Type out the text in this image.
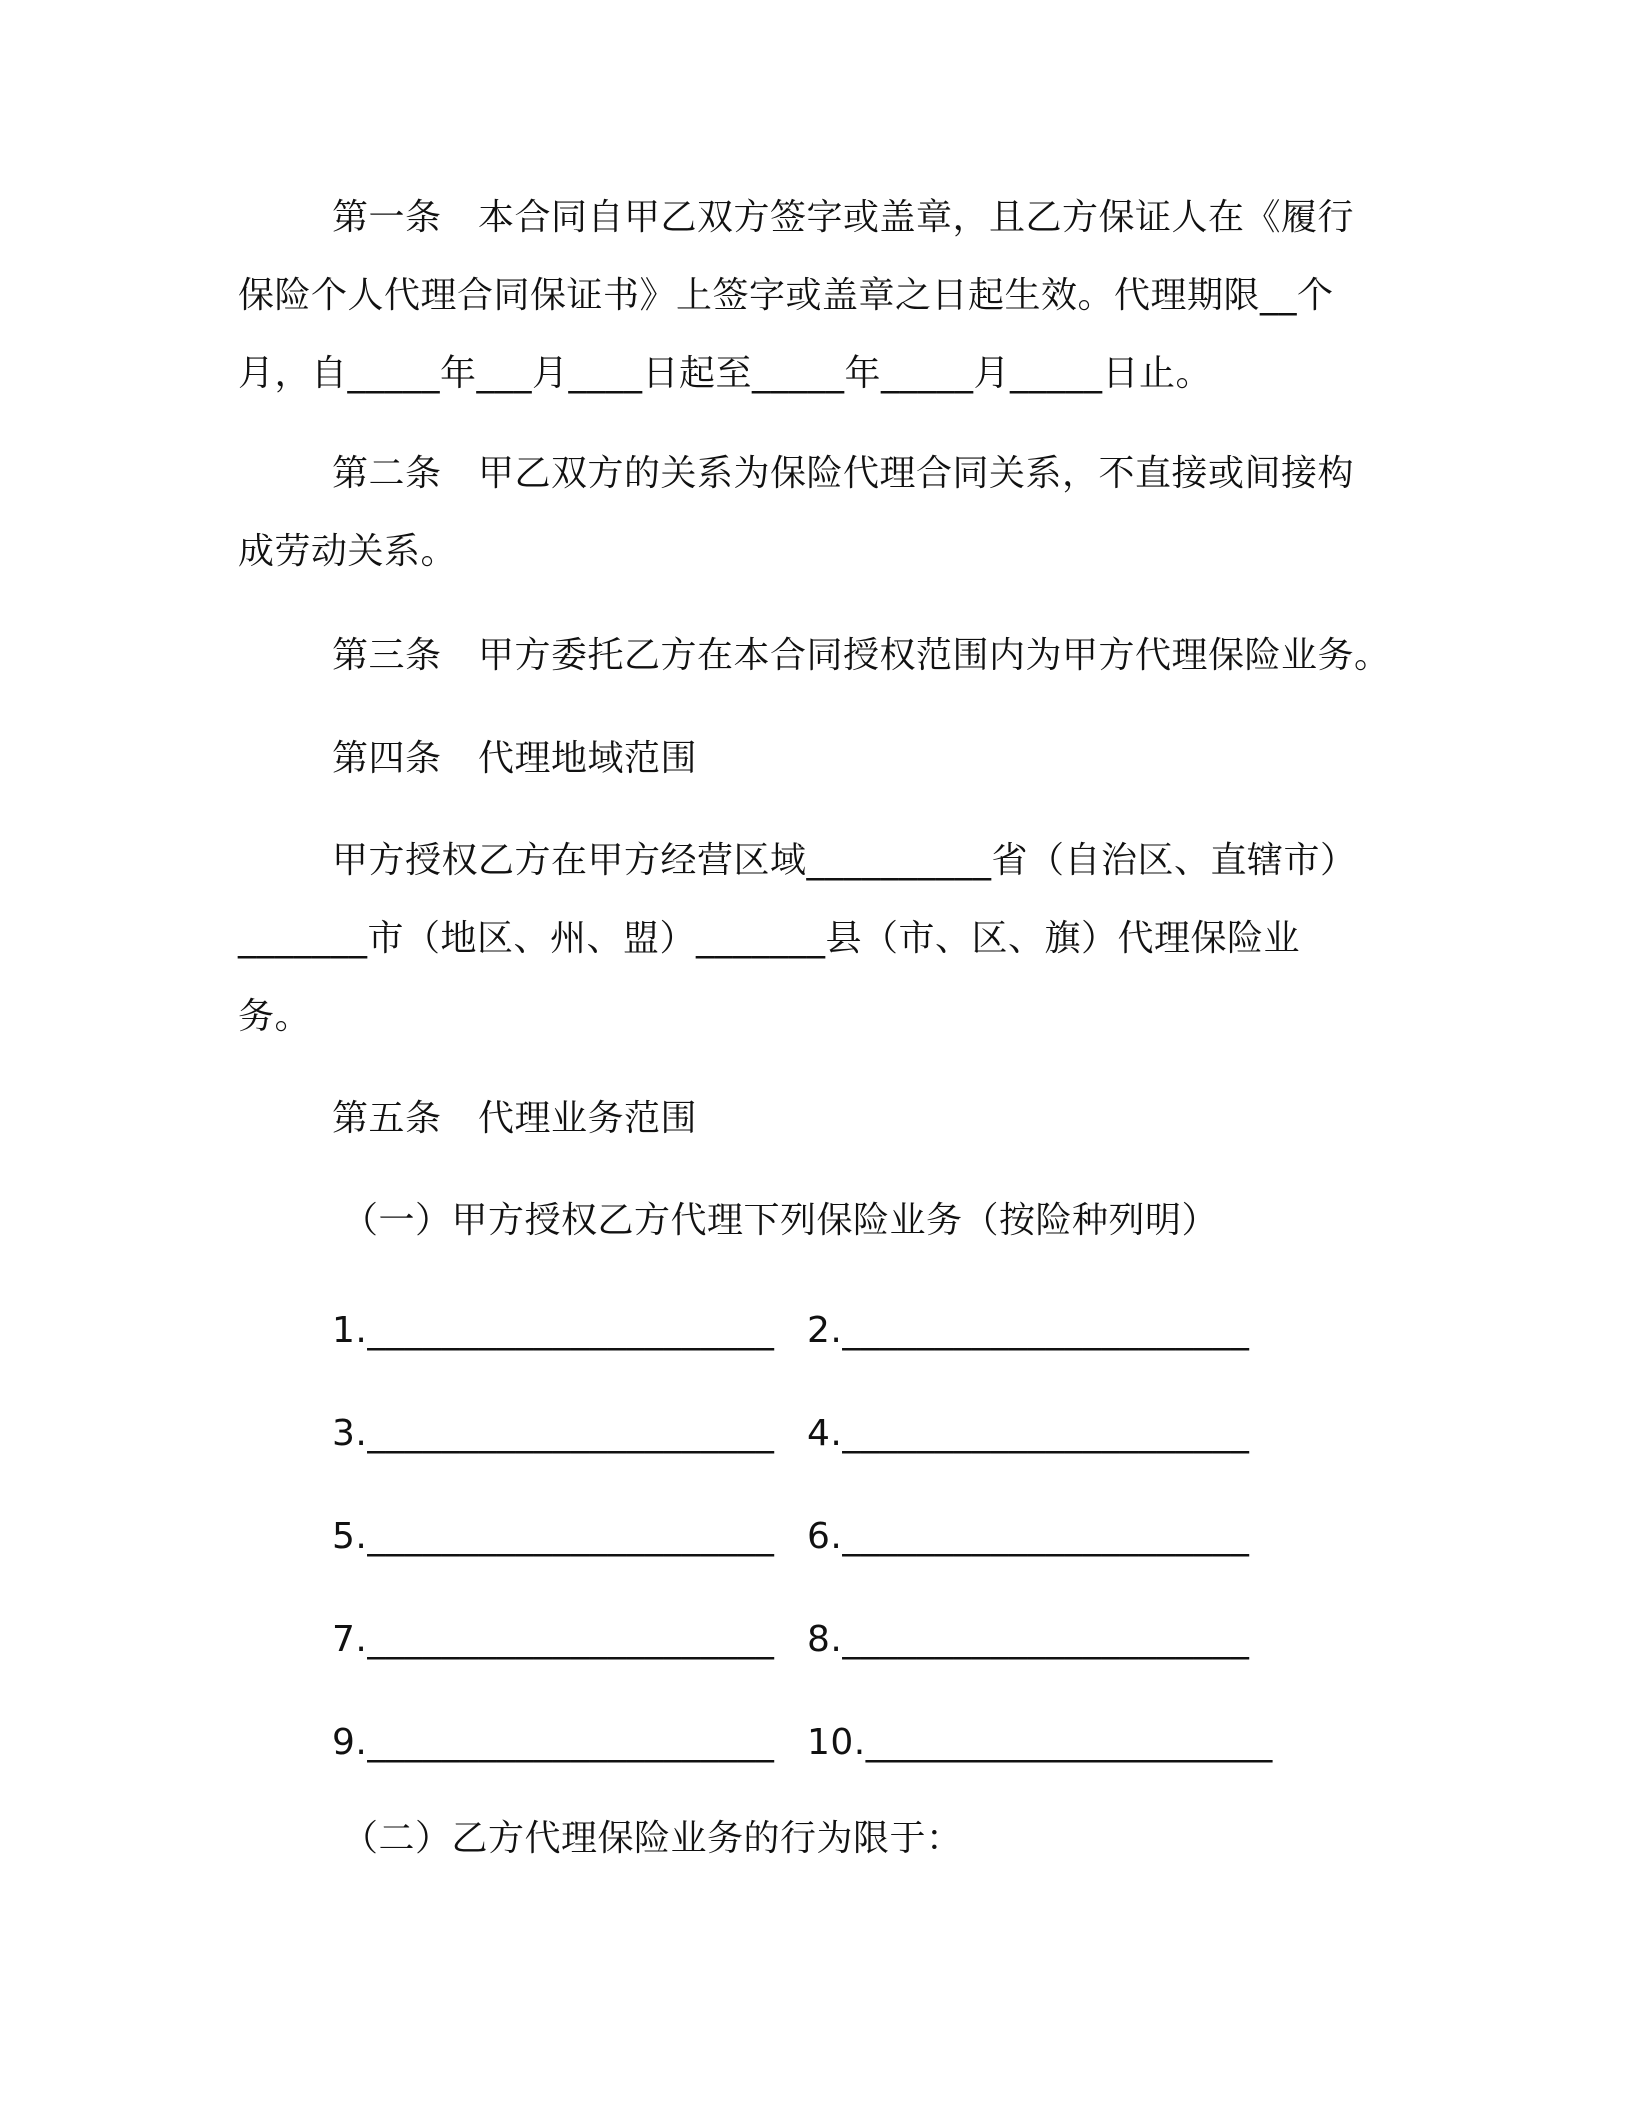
第一条　本合同自甲乙双方签字或盖章，且乙方保证人在《履行
保险个人代理合同保证书》上签字或盖章之日起生效。代理期限__个
月，自_____年___月____日起至_____年_____月_____日止。
第二条　甲乙双方的关系为保险代理合同关系，不直接或间接构
成劳动关系。
第三条　甲方委托乙方在本合同授权范围内为甲方代理保险业务。
第四条　代理地域范围
甲方授权乙方在甲方经营区域__________省（自治区、直辖市）
_______市（地区、州、盟）_______县（市、区、旗）代理保险业
务。
第五条　代理业务范围
（一）甲方授权乙方代理下列保险业务（按险种列明）
1.______________________ 2.______________________
3.______________________ 4.______________________
5.______________________ 6.______________________
7.______________________ 8.______________________
9.______________________ 10.______________________
（二）乙方代理保险业务的行为限于：
